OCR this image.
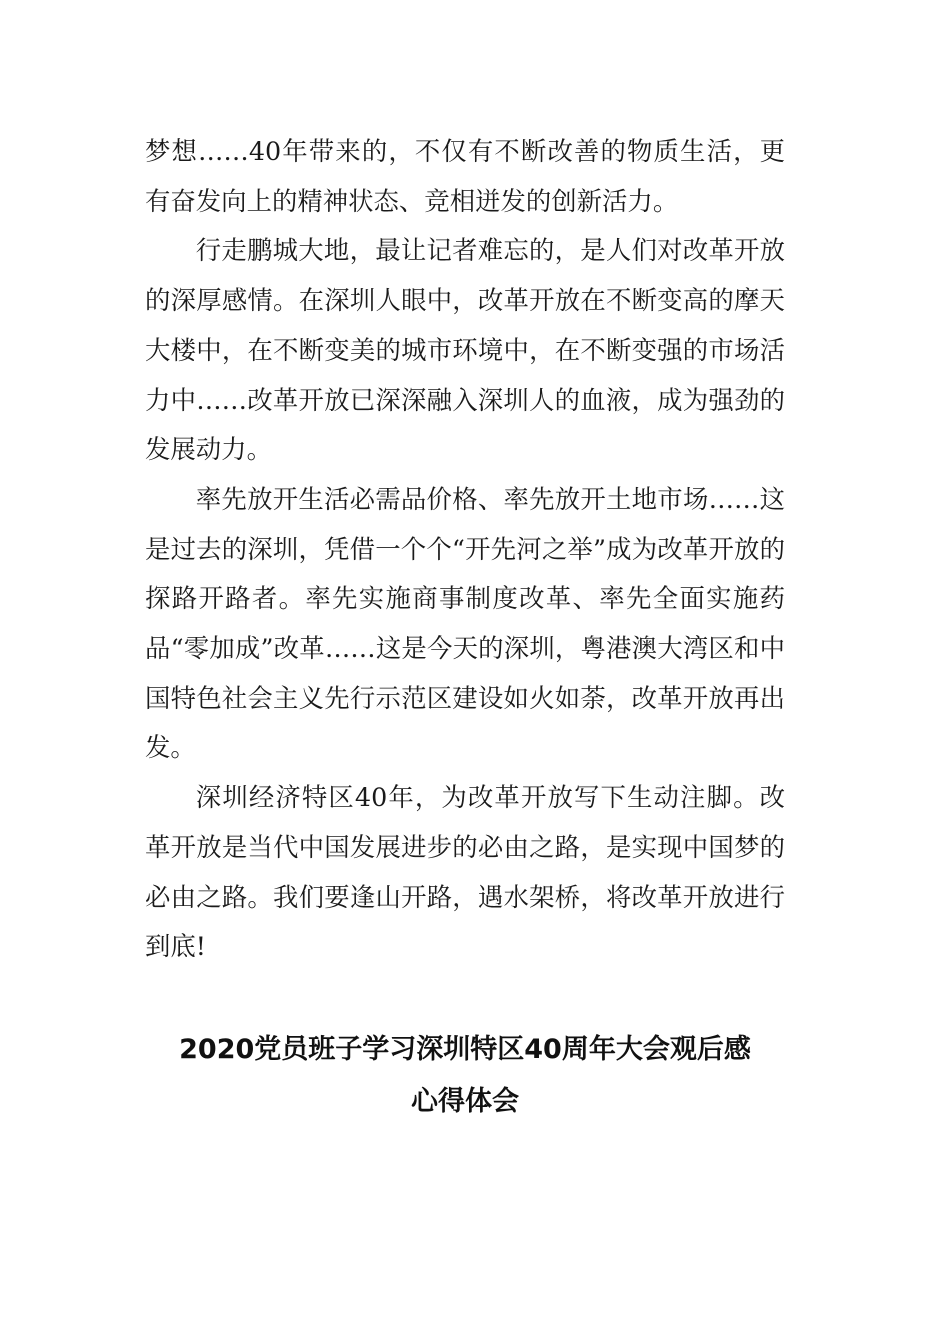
梦想……40年带来的，不仅有不断改善的物质生活，更有奋发向上的精神状态、竞相迸发的创新活力。

行走鹏城大地，最让记者难忘的，是人们对改革开放的深厚感情。在深圳人眼中，改革开放在不断变高的摩天大楼中，在不断变美的城市环境中，在不断变强的市场活力中……改革开放已深深融入深圳人的血液，成为强劲的发展动力。

率先放开生活必需品价格、率先放开土地市场……这是过去的深圳，凭借一个个“开先河之举”成为改革开放的探路开路者。率先实施商事制度改革、率先全面实施药品“零加成”改革……这是今天的深圳，粤港澳大湾区和中国特色社会主义先行示范区建设如火如荼，改革开放再出发。

深圳经济特区40年，为改革开放写下生动注脚。改革开放是当代中国发展进步的必由之路，是实现中国梦的必由之路。我们要逢山开路，遇水架桥，将改革开放进行到底!

2020党员班子学习深圳特区40周年大会观后感
心得体会
